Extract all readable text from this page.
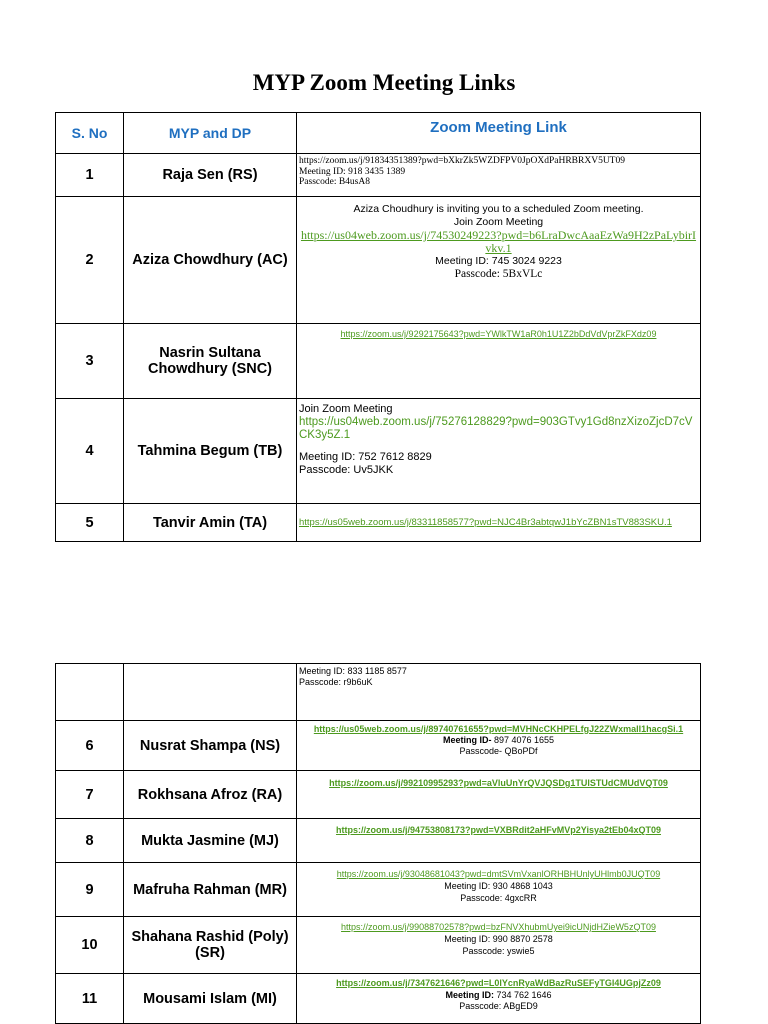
MYP Zoom Meeting Links
S. No	MYP and DP	Zoom Meeting Link
1	Raja Sen (RS)	https://zoom.us/j/91834351389?pwd=bXkrZk5WZDFPV0JpOXdPaHRBRXV5UT09
Meeting ID: 918 3435 1389
Passcode: B4usA8

2	Aziza Chowdhury (AC)	Aziza Choudhury is inviting you to a scheduled Zoom meeting.
Join Zoom Meeting
https://us04web.zoom.us/j/74530249223?pwd=b6LraDwcAaaEzWa9H2zPaLybirIvkv.1
Meeting ID: 745 3024 9223
Passcode: 5BxVLc

3	Nasrin Sultana Chowdhury (SNC)	https://zoom.us/j/9292175643?pwd=YWlkTW1aR0h1U1Z2bDdVdVprZkFXdz09

4	Tahmina Begum (TB)	Join Zoom Meeting
https://us04web.zoom.us/j/75276128829?pwd=903GTvy1Gd8nzXizoZjcD7cVCK3y5Z.1
Meeting ID: 752 7612 8829
Passcode: Uv5JKK

5	Tanvir Amin (TA)	https://us05web.zoom.us/j/83311858577?pwd=NJC4Br3abtqwJ1bYcZBN1sTV883SKU.1

		Meeting ID: 833 1185 8577
Passcode: r9b6uK

6	Nusrat Shampa (NS)	https://us05web.zoom.us/j/89740761655?pwd=MVHNcCKHPELfgJ22ZWxmalI1hacgSi.1
Meeting ID- 897 4076 1655
Passcode- QBoPDf

7	Rokhsana Afroz (RA)	https://zoom.us/j/99210995293?pwd=aVluUnYrQVJQSDg1TUlSTUdCMUdVQT09

8	Mukta Jasmine (MJ)	https://zoom.us/j/94753808173?pwd=VXBRdit2aHFvMVp2Yisya2tEb04xQT09

9	Mafruha Rahman (MR)	https://zoom.us/j/93048681043?pwd=dmtSVmVxanlORHBHUnlyUHlmb0JUQT09
Meeting ID: 930 4868 1043
Passcode: 4gxcRR

10	Shahana Rashid (Poly) (SR)	https://zoom.us/j/99088702578?pwd=bzFNVXhubmUyei9icUNjdHZieW5zQT09
Meeting ID: 990 8870 2578
Passcode: yswie5

11	Mousami Islam (MI)	https://zoom.us/j/7347621646?pwd=L0lYcnRyaWdBazRuSEFyTGl4UGpjZz09
Meeting ID: 734 762 1646
Passcode: ABgED9
